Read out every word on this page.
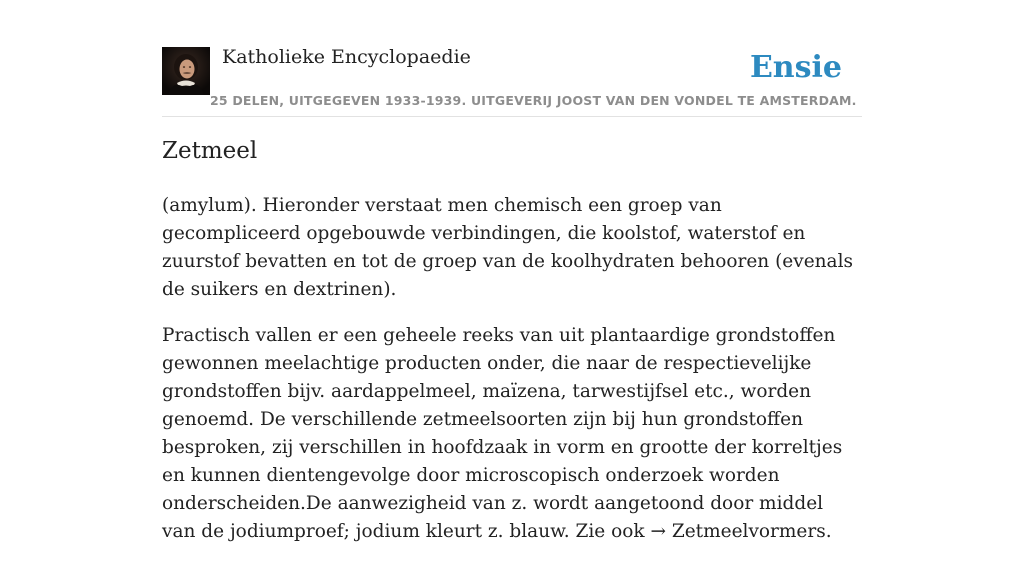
Katholieke Encyclopaedie
25 DELEN, UITGEGEVEN 1933-1939. UITGEVERIJ JOOST VAN DEN VONDEL TE AMSTERDAM.
Ensie
Zetmeel

(amylum). Hieronder verstaat men chemisch een groep van gecompliceerd opgebouwde verbindingen, die koolstof, waterstof en zuurstof bevatten en tot de groep van de koolhydraten behooren (evenals de suikers en dextrinen).

Practisch vallen er een geheele reeks van uit plantaardige grondstoffen gewonnen meelachtige producten onder, die naar de respectievelijke grondstoffen bijv. aardappelmeel, maïzena, tarwestijfsel etc., worden genoemd. De verschillende zetmeelsoorten zijn bij hun grondstoffen besproken, zij verschillen in hoofdzaak in vorm en grootte der korreltjes en kunnen dientengevolge door microscopisch onderzoek worden onderscheiden.De aanwezigheid van z. wordt aangetoond door middel van de jodiumproef; jodium kleurt z. blauw. Zie ook → Zetmeelvormers.
